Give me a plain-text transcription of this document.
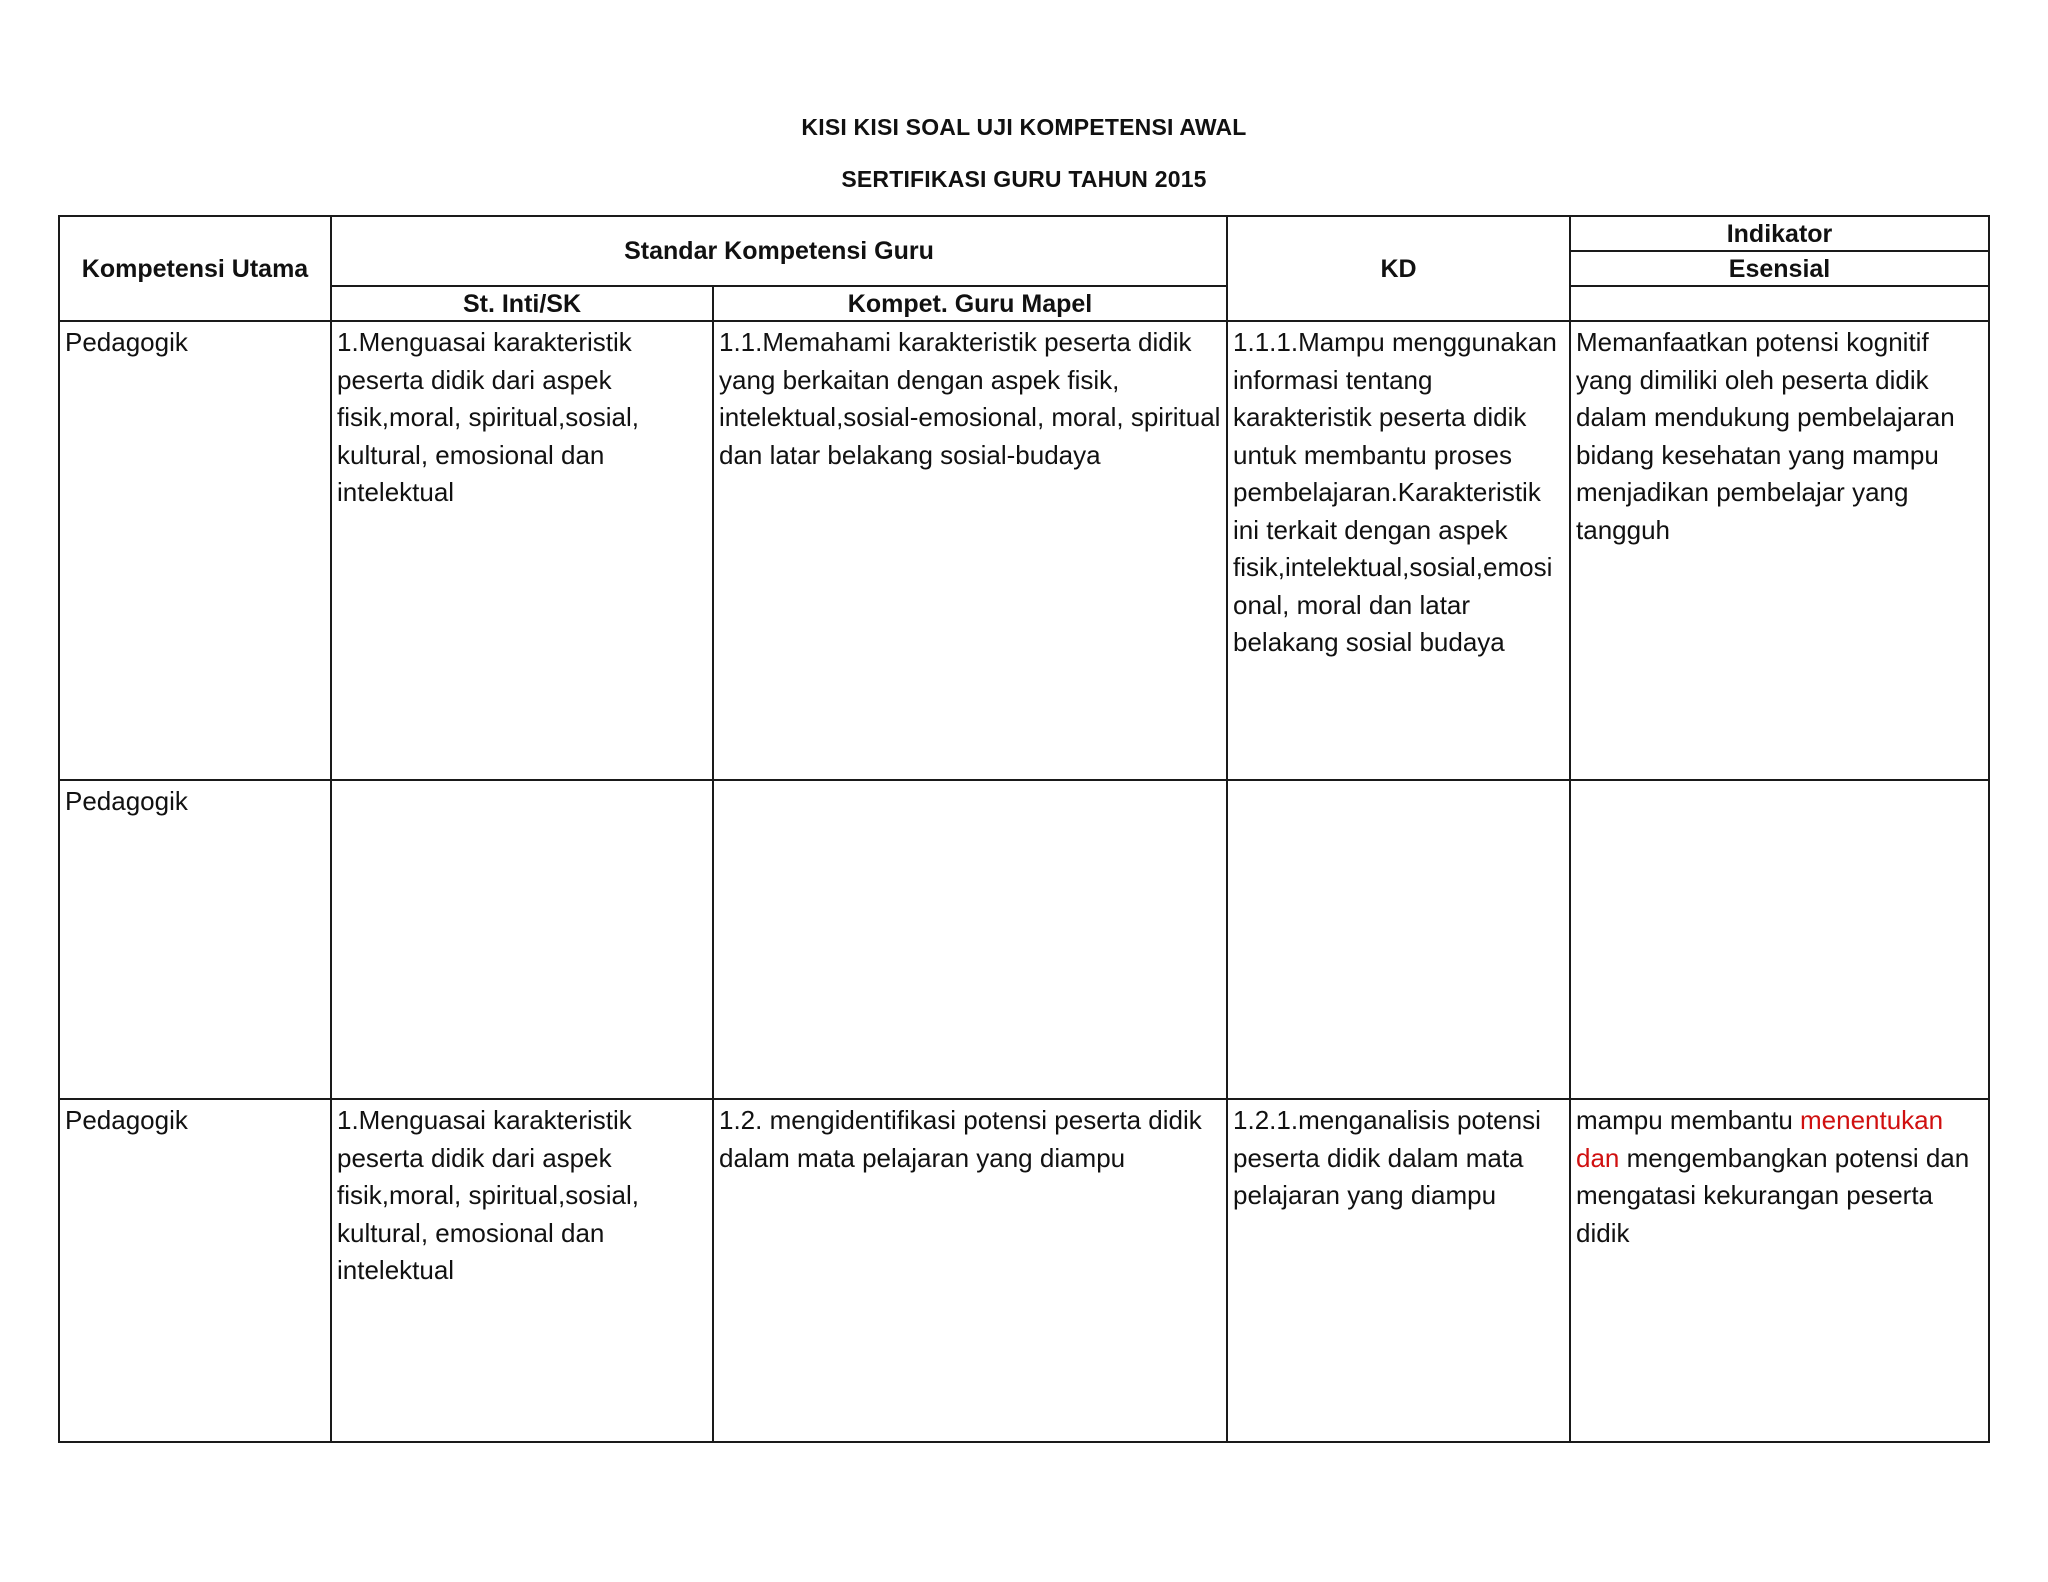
KISI KISI SOAL UJI KOMPETENSI AWAL
SERTIFIKASI GURU TAHUN 2015
Kompetensi Utama	Standar Kompetensi Guru		KD	Indikator
				Esensial
	St. Inti/SK	Kompet. Guru Mapel		

Pedagogik	1.Menguasai karakteristik peserta didik dari aspek fisik,moral, spiritual,sosial, kultural, emosional dan intelektual	1.1.Memahami karakteristik peserta didik yang berkaitan dengan aspek fisik, intelektual,sosial-emosional, moral, spiritual dan latar belakang sosial-budaya	1.1.1.Mampu menggunakan informasi tentang karakteristik peserta didik untuk membantu proses pembelajaran.Karakteristik ini terkait dengan aspek fisik,intelektual,sosial,emosional, moral dan latar belakang sosial budaya	Memanfaatkan potensi kognitif yang dimiliki oleh peserta didik dalam mendukung pembelajaran bidang kesehatan yang mampu menjadikan pembelajar yang tangguh

Pedagogik				

Pedagogik	1.Menguasai karakteristik peserta didik dari aspek fisik,moral, spiritual,sosial, kultural, emosional dan intelektual	1.2. mengidentifikasi potensi peserta didik dalam mata pelajaran yang diampu	1.2.1.menganalisis potensi peserta didik dalam mata pelajaran yang diampu	mampu membantu menentukan dan mengembangkan potensi dan mengatasi kekurangan peserta didik
